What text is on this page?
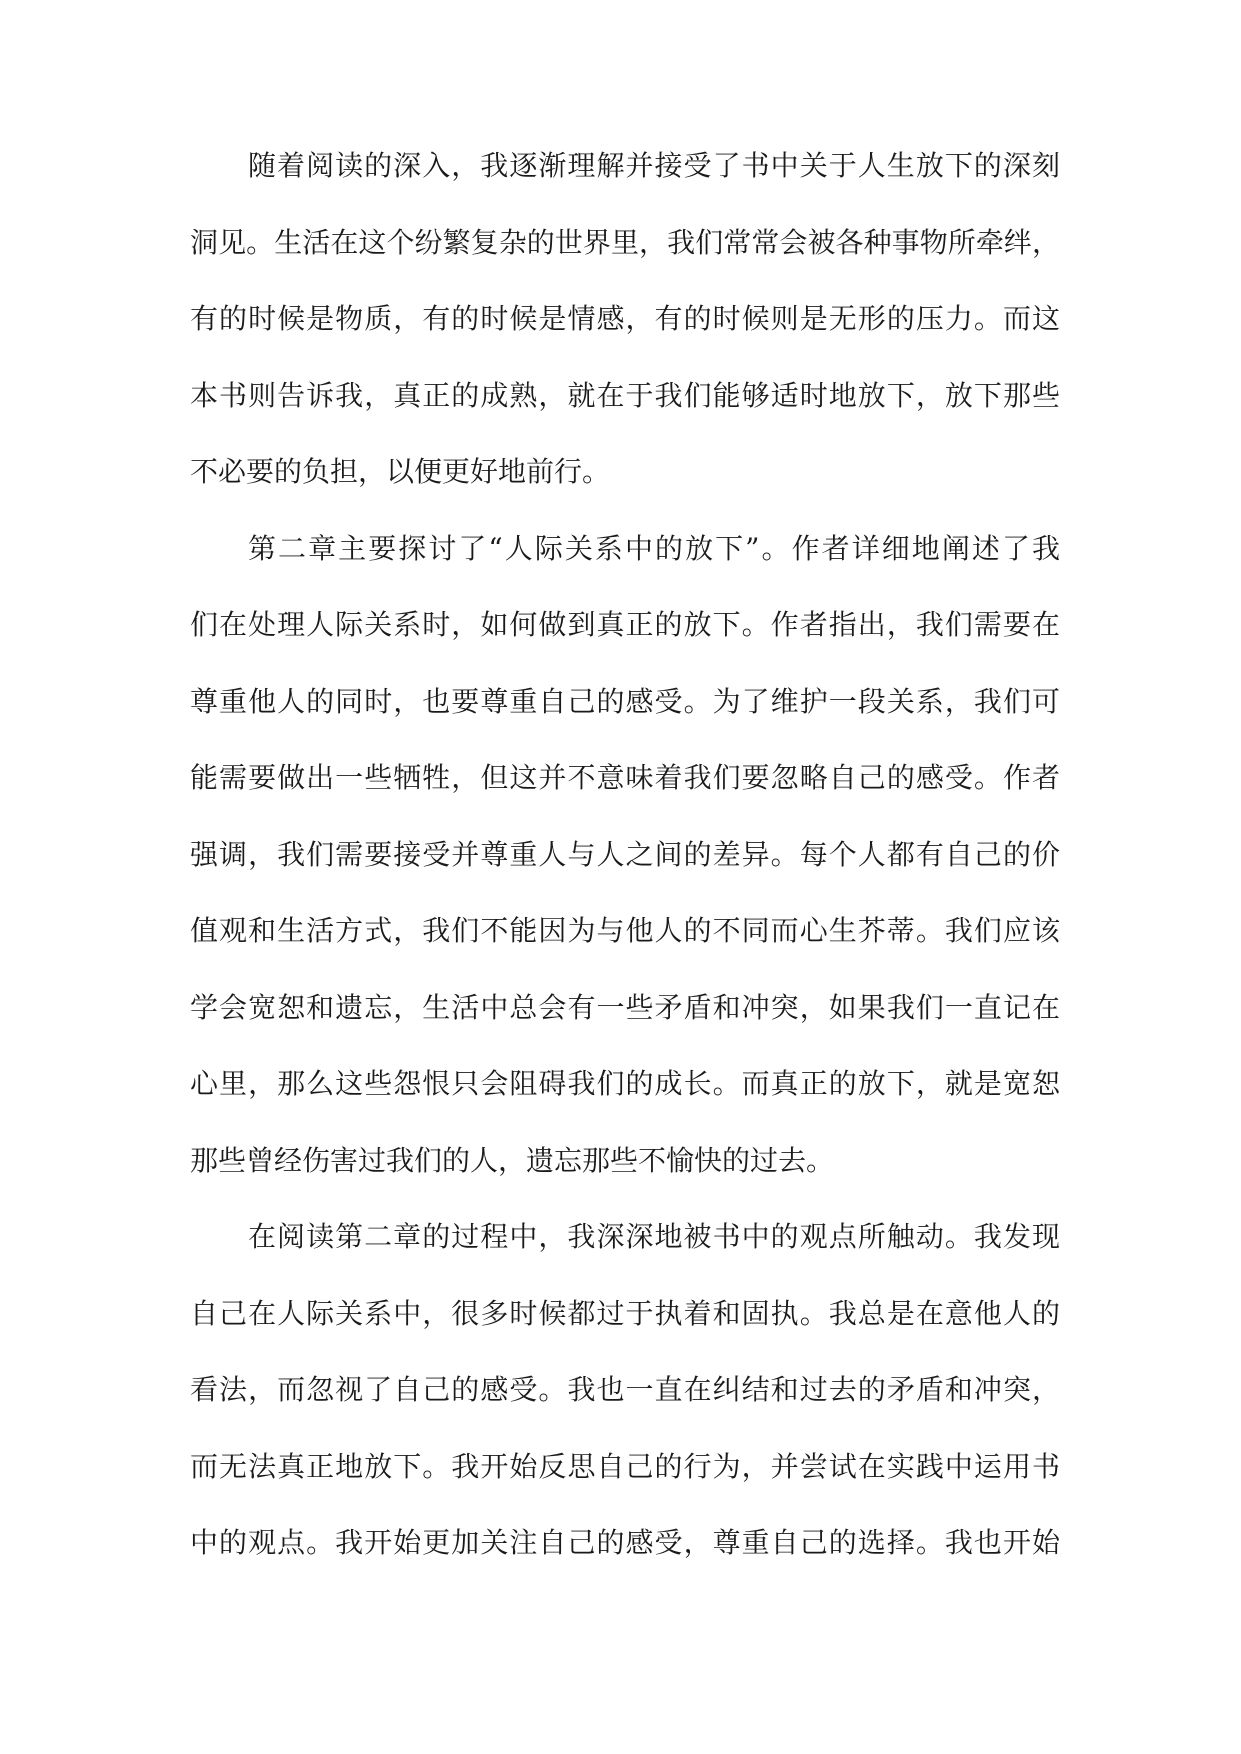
随着阅读的深入，我逐渐理解并接受了书中关于人生放下的深刻
洞见。生活在这个纷繁复杂的世界里，我们常常会被各种事物所牵绊，
有的时候是物质，有的时候是情感，有的时候则是无形的压力。而这
本书则告诉我，真正的成熟，就在于我们能够适时地放下，放下那些
不必要的负担，以便更好地前行。

第二章主要探讨了“人际关系中的放下”。作者详细地阐述了我
们在处理人际关系时，如何做到真正的放下。作者指出，我们需要在
尊重他人的同时，也要尊重自己的感受。为了维护一段关系，我们可
能需要做出一些牺牲，但这并不意味着我们要忽略自己的感受。作者
强调，我们需要接受并尊重人与人之间的差异。每个人都有自己的价
值观和生活方式，我们不能因为与他人的不同而心生芥蒂。我们应该
学会宽恕和遗忘，生活中总会有一些矛盾和冲突，如果我们一直记在
心里，那么这些怨恨只会阻碍我们的成长。而真正的放下，就是宽恕
那些曾经伤害过我们的人，遗忘那些不愉快的过去。

在阅读第二章的过程中，我深深地被书中的观点所触动。我发现
自己在人际关系中，很多时候都过于执着和固执。我总是在意他人的
看法，而忽视了自己的感受。我也一直在纠结和过去的矛盾和冲突，
而无法真正地放下。我开始反思自己的行为，并尝试在实践中运用书
中的观点。我开始更加关注自己的感受，尊重自己的选择。我也开始
